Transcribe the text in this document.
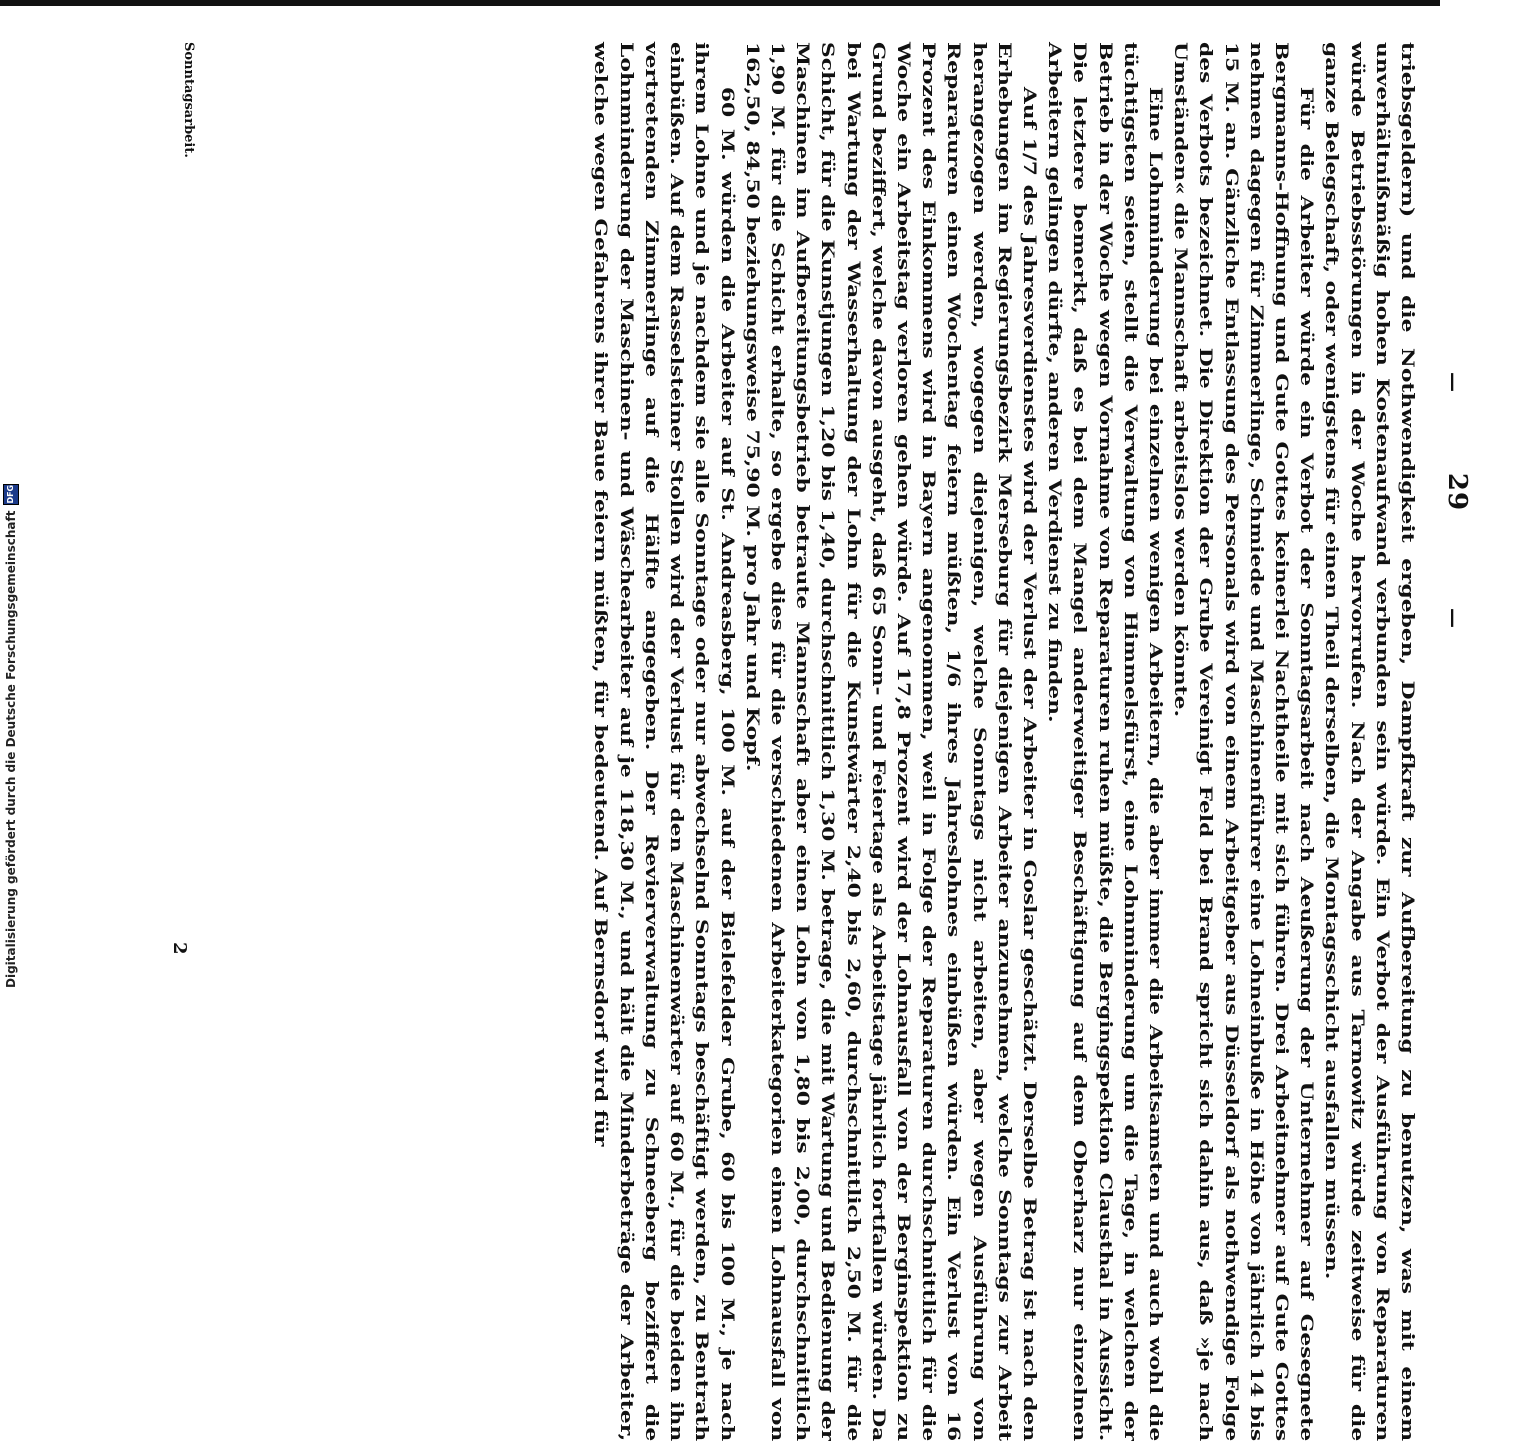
—
29
—

triebsgeldern) und die Nothwendigkeit ergeben, Dampfkraft zur Aufbereitung zu benutzen, was mit einem unverhältnißmäßig hohen Kostenaufwand verbunden sein würde. Ein Verbot der Ausführung von Reparaturen würde Betriebsstörungen in der Woche hervorrufen. Nach der Angabe aus Tarnowitz würde zeitweise für die ganze Belegschaft, oder wenigstens für einen Theil derselben, die Montagsschicht ausfallen müssen.

Für die Arbeiter würde ein Verbot der Sonntagsarbeit nach Aeußerung der Unternehmer auf Gesegnete Bergmanns-Hoffnung und Gute Gottes keinerlei Nachtheile mit sich führen. Drei Arbeitnehmer auf Gute Gottes nehmen dagegen für Zimmerlinge, Schmiede und Maschinenführer eine Lohneinbuße in Höhe von jährlich 14 bis 15 M. an. Gänzliche Entlassung des Personals wird von einem Arbeitgeber aus Düsseldorf als nothwendige Folge des Verbots bezeichnet. Die Direktion der Grube Vereinigt Feld bei Brand spricht sich dahin aus, daß »je nach Umständen« die Mannschaft arbeitslos werden könnte.

Eine Lohnminderung bei einzelnen wenigen Arbeitern, die aber immer die Arbeitsamsten und auch wohl die tüchtigsten seien, stellt die Verwaltung von Himmelsfürst, eine Lohnminderung um die Tage, in welchen der Betrieb in der Woche wegen Vornahme von Reparaturen ruhen müßte, die Bergingspektion Clausthal in Aussicht. Die letztere bemerkt, daß es bei dem Mangel anderweitiger Beschäftigung auf dem Oberharz nur einzelnen Arbeitern gelingen dürfte, anderen Verdienst zu finden.

Auf 1/7 des Jahresverdienstes wird der Verlust der Arbeiter in Goslar geschätzt. Derselbe Betrag ist nach den Erhebungen im Regierungsbezirk Merseburg für diejenigen Arbeiter anzunehmen, welche Sonntags zur Arbeit herangezogen werden, wogegen diejenigen, welche Sonntags nicht arbeiten, aber wegen Ausführung von Reparaturen einen Wochentag feiern müßten, 1/6 ihres Jahreslohnes einbüßen würden. Ein Verlust von 16 Prozent des Einkommens wird in Bayern angenommen, weil in Folge der Reparaturen durchschnittlich für die Woche ein Arbeitstag verloren gehen würde. Auf 17,8 Prozent wird der Lohnausfall von der Berginspektion zu Grund beziffert, welche davon ausgeht, daß 65 Sonn- und Feiertage als Arbeitstage jährlich fortfallen würden. Da bei Wartung der Wasserhaltung der Lohn für die Kunstwärter 2,40 bis 2,60, durchschnittlich 2,50 M. für die Schicht, für die Kunstjungen 1,20 bis 1,40, durchschnittlich 1,30 M. betrage, die mit Wartung und Bedienung der Maschinen im Aufbereitungsbetrieb betraute Mannschaft aber einen Lohn von 1,80 bis 2,00, durchschnittlich 1,90 M. für die Schicht erhalte, so ergebe dies für die verschiedenen Arbeiterkategorien einen Lohnausfall von 162,50, 84,50 beziehungsweise 75,90 M. pro Jahr und Kopf.

60 M. würden die Arbeiter auf St. Andreasberg, 100 M. auf der Bielefelder Grube, 60 bis 100 M., je nach ihrem Lohne und je nachdem sie alle Sonntage oder nur abwechselnd Sonntags beschäftigt werden, zu Bentrath einbüßen. Auf dem Rasselsteiner Stollen wird der Verlust für den Maschinenwärter auf 60 M., für die beiden ihn vertretenden Zimmerlinge auf die Hälfte angegeben. Der Revierverwaltung zu Schneeberg beziffert die Lohnminderung der Maschinen- und Wäschearbeiter auf je 118,30 M., und hält die Minderbeträge der Arbeiter, welche wegen Gefahrens ihrer Baue feiern müßten, für bedeutend. Auf Bernsdorf wird für

Sonntagsarbeit.
2
Digitalisierung gefördert durch die Deutsche Forschungsgemeinschaft
DFG
